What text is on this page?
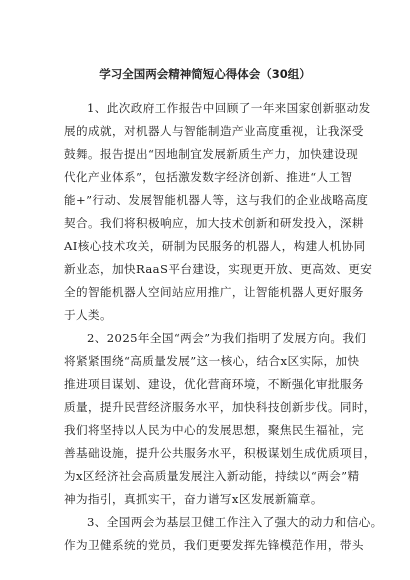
学习全国两会精神简短心得体会（30组）
1、此次政府工作报告中回顾了一年来国家创新驱动发
展的成就，对机器人与智能制造产业高度重视，让我深受
鼓舞。报告提出“因地制宜发展新质生产力，加快建设现
代化产业体系”，包括激发数字经济创新、推进“人工智
能+”行动、发展智能机器人等，这与我们的企业战略高度
契合。我们将积极响应，加大技术创新和研发投入，深耕
AI核心技术攻关，研制为民服务的机器人，构建人机协同
新业态，加快RaaS平台建设，实现更开放、更高效、更安
全的智能机器人空间站应用推广，让智能机器人更好服务
于人类。
2、2025年全国“两会”为我们指明了发展方向。我们
将紧紧围绕“高质量发展”这一核心，结合x区实际，加快
推进项目谋划、建设，优化营商环境，不断强化审批服务
质量，提升民营经济服务水平，加快科技创新步伐。同时，
我们将坚持以人民为中心的发展思想，聚焦民生福祉，完
善基础设施，提升公共服务水平，积极谋划生成优质项目，
为x区经济社会高质量发展注入新动能，持续以“两会”精
神为指引，真抓实干，奋力谱写x区发展新篇章。
3、全国两会为基层卫健工作注入了强大的动力和信心。
作为卫健系统的党员，我们更要发挥先锋模范作用，带头
